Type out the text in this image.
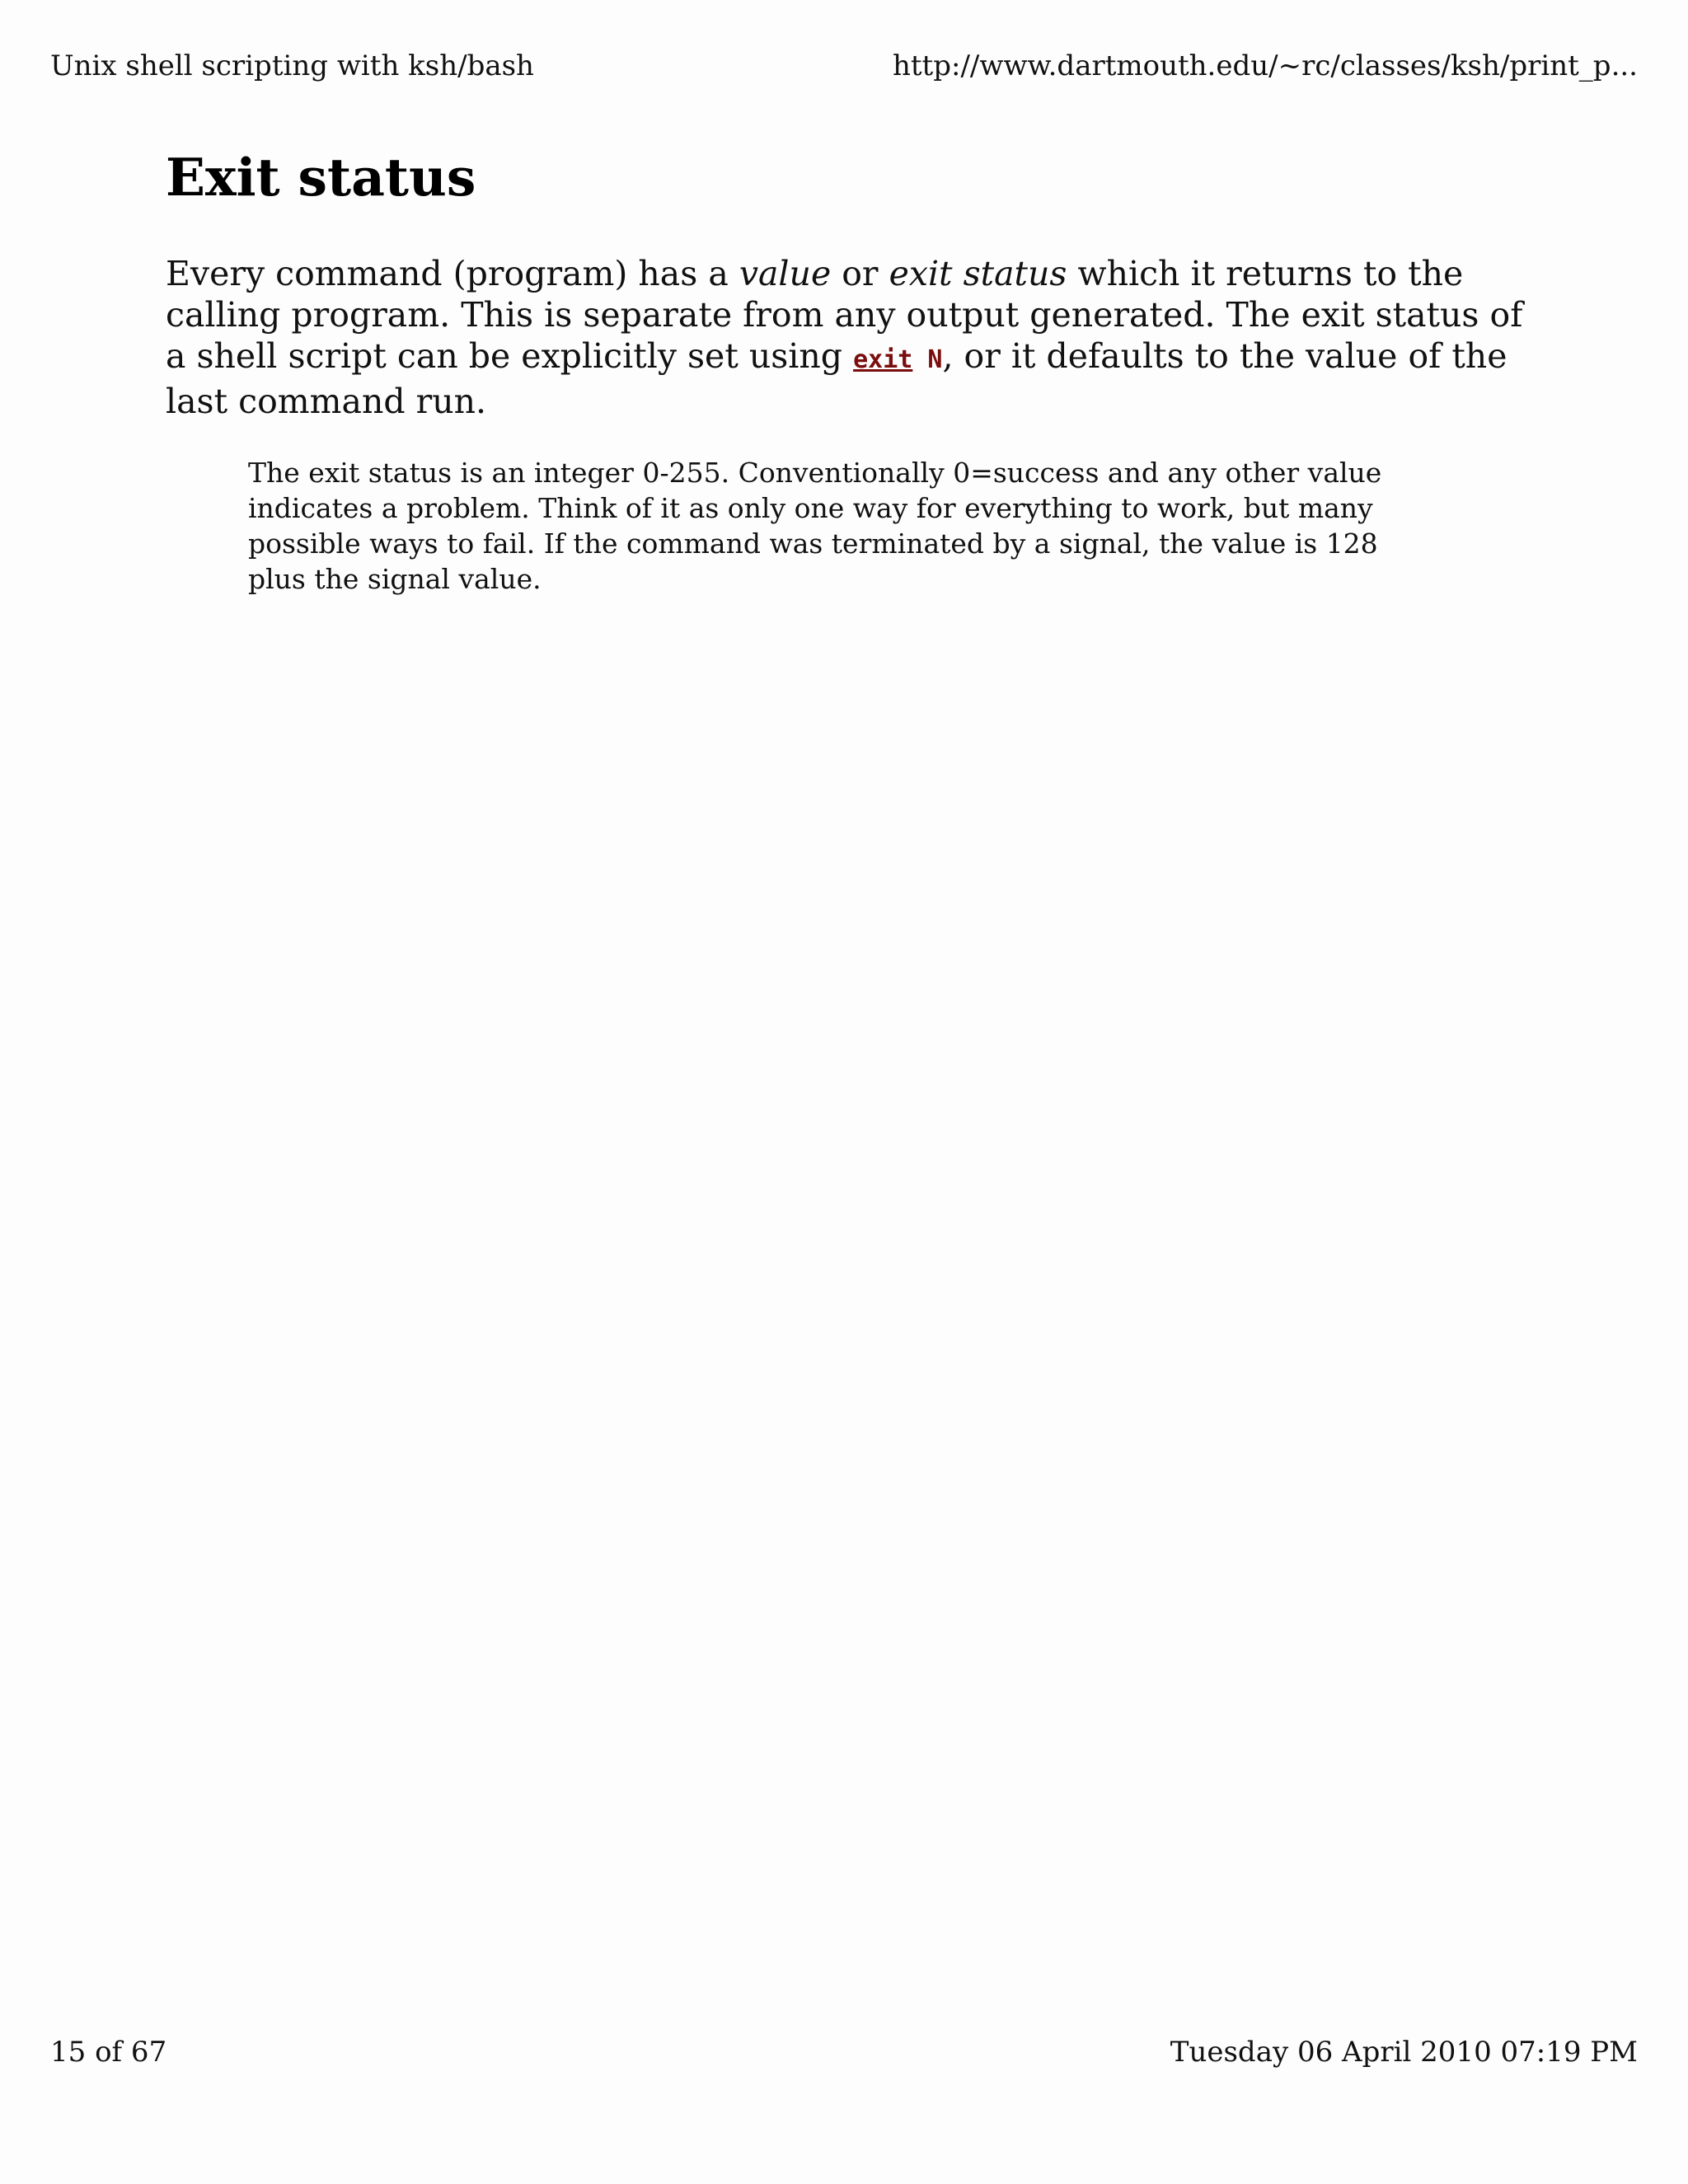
Unix shell scripting with ksh/bash	http://www.dartmouth.edu/~rc/classes/ksh/print_p...
Exit status

Every command (program) has a value or exit status which it returns to the calling program. This is separate from any output generated. The exit status of a shell script can be explicitly set using exit N, or it defaults to the value of the last command run.

The exit status is an integer 0-255. Conventionally 0=success and any other value indicates a problem. Think of it as only one way for everything to work, but many possible ways to fail. If the command was terminated by a signal, the value is 128 plus the signal value.

15 of 67	Tuesday 06 April 2010 07:19 PM
